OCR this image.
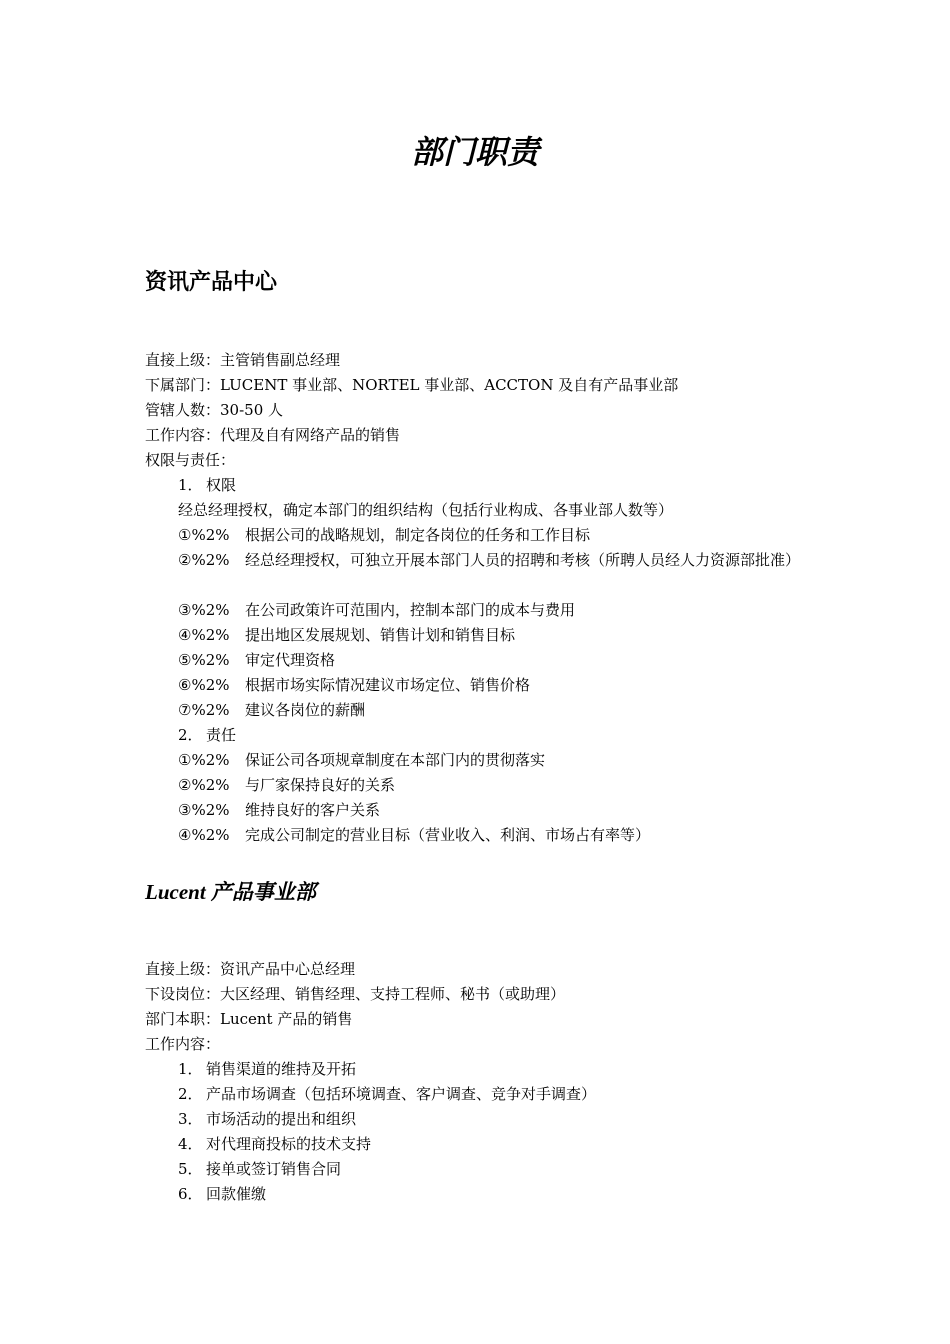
部门职责
资讯产品中心
直接上级：主管销售副总经理
下属部门：LUCENT 事业部、NORTEL 事业部、ACCTON 及自有产品事业部
管辖人数：30-50 人
工作内容：代理及自有网络产品的销售
权限与责任：
1． 权限
经总经理授权，确定本部门的组织结构（包括行业构成、各事业部人数等）
①%2%	根据公司的战略规划，制定各岗位的任务和工作目标
②%2%	经总经理授权，可独立开展本部门人员的招聘和考核（所聘人员经人力资源部批准）
③%2%	在公司政策许可范围内，控制本部门的成本与费用
④%2%	提出地区发展规划、销售计划和销售目标
⑤%2%	审定代理资格
⑥%2%	根据市场实际情况建议市场定位、销售价格
⑦%2%	建议各岗位的薪酬
2． 责任
①%2%	保证公司各项规章制度在本部门内的贯彻落实
②%2%	与厂家保持良好的关系
③%2%	维持良好的客户关系
④%2%	完成公司制定的营业目标（营业收入、利润、市场占有率等）
Lucent 产品事业部
直接上级：资讯产品中心总经理
下设岗位：大区经理、销售经理、支持工程师、秘书（或助理）
部门本职：Lucent 产品的销售
工作内容：
1． 销售渠道的维持及开拓
2． 产品市场调查（包括环境调查、客户调查、竞争对手调查）
3． 市场活动的提出和组织
4． 对代理商投标的技术支持
5． 接单或签订销售合同
6． 回款催缴
